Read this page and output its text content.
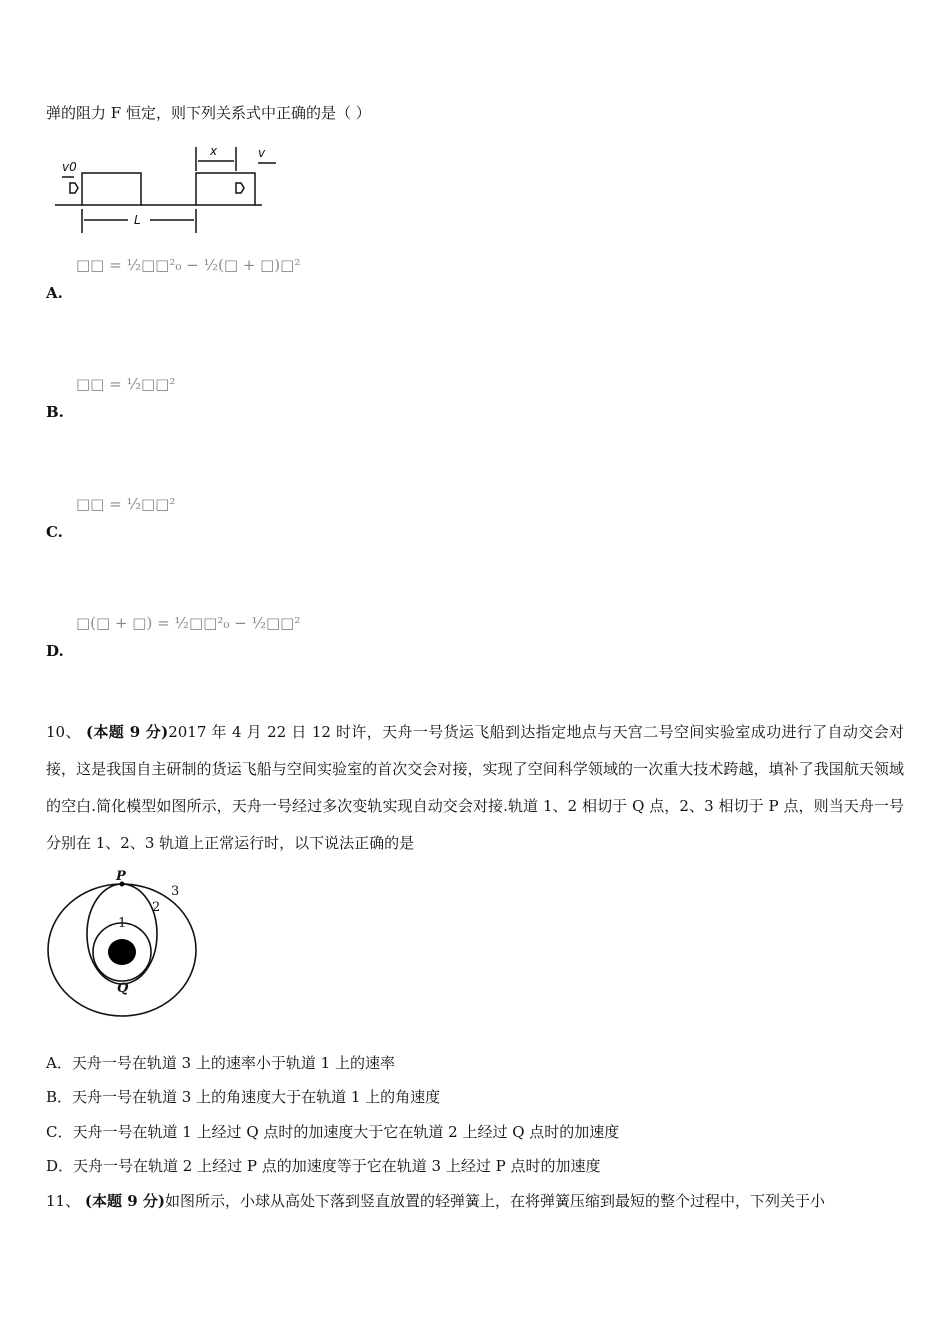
弹的阻力 F 恒定，则下列关系式中正确的是（ ）
v0
v
x
L
□□ = ½□□²₀ − ½(□ + □)□²
A.
□□ = ½□□²
B.
□□ = ½□□²
C.
□(□ + □) = ½□□²₀ − ½□□²
D.
10、 (本题 9 分)2017 年 4 月 22 日 12 时许，天舟一号货运飞船到达指定地点与天宫二号空间实验室成功进行了自动交会对接，这是我国自主研制的货运飞船与空间实验室的首次交会对接，实现了空间科学领域的一次重大技术跨越，填补了我国航天领域的空白.简化模型如图所示，天舟一号经过多次变轨实现自动交会对接.轨道 1、2 相切于 Q 点，2、3 相切于 P 点，则当天舟一号分别在 1、2、3 轨道上正常运行时，以下说法正确的是
P
Q
1
2
3
A．天舟一号在轨道 3 上的速率小于轨道 1 上的速率
B．天舟一号在轨道 3 上的角速度大于在轨道 1 上的角速度
C．天舟一号在轨道 1 上经过 Q 点时的加速度大于它在轨道 2 上经过 Q 点时的加速度
D．天舟一号在轨道 2 上经过 P 点的加速度等于它在轨道 3 上经过 P 点时的加速度
11、 (本题 9 分)如图所示，小球从高处下落到竖直放置的轻弹簧上，在将弹簧压缩到最短的整个过程中，下列关于小
